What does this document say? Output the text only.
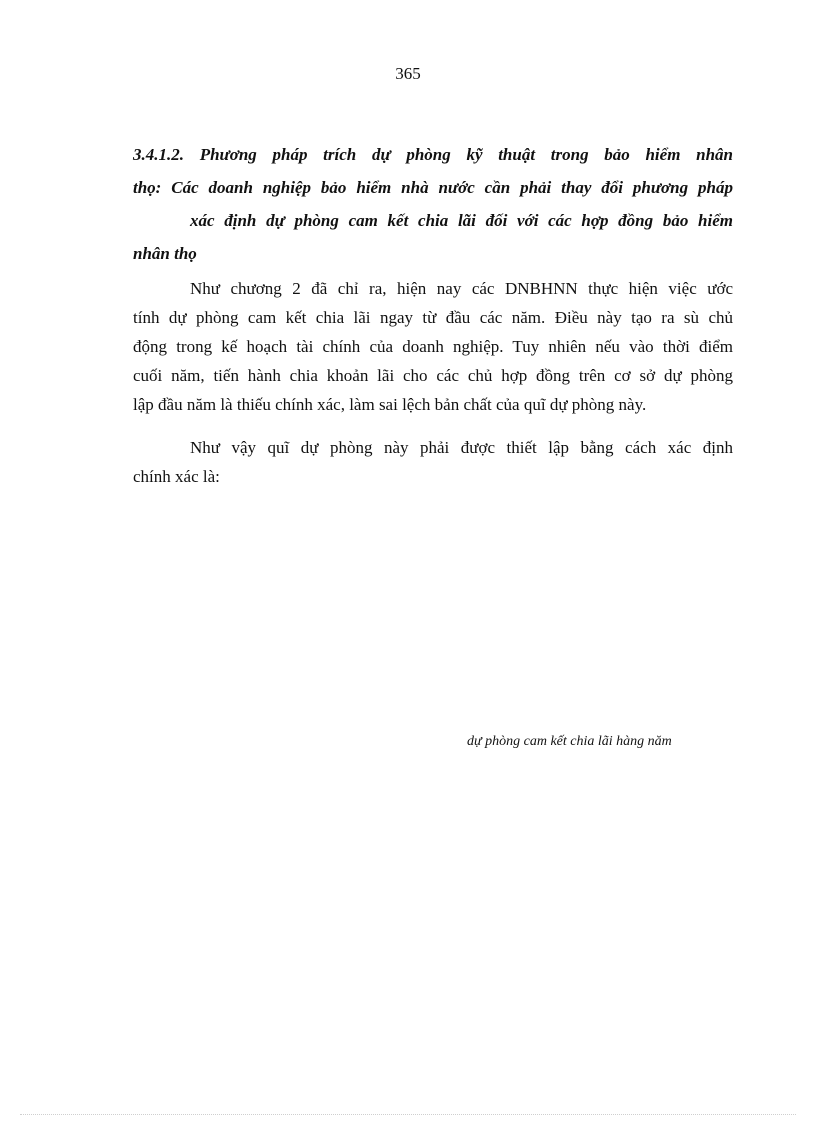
365
3.4.1.2. Phương pháp trích dự phòng kỹ thuật trong bảo hiểm nhân
thọ: Các doanh nghiệp bảo hiểm nhà nước cần phải thay đổi phương pháp
xác định dự phòng cam kết chia lãi đối với các hợp đồng bảo hiểm
nhân thọ
Như chương 2 đã chỉ ra, hiện nay các DNBHNN thực hiện việc ước
tính dự phòng cam kết chia lãi ngay từ đầu các năm. Điều này tạo ra sù chủ
động trong kế hoạch tài chính của doanh nghiệp. Tuy nhiên nếu vào thời điểm
cuối năm, tiến hành chia khoản lãi cho các chủ hợp đồng trên cơ sở dự phòng
lập đầu năm là thiếu chính xác, làm sai lệch bản chất của quĩ dự phòng này.
Như vậy quĩ dự phòng này phải được thiết lập bằng cách xác định
chính xác là:
dự phòng cam kết chia lãi hàng năm
